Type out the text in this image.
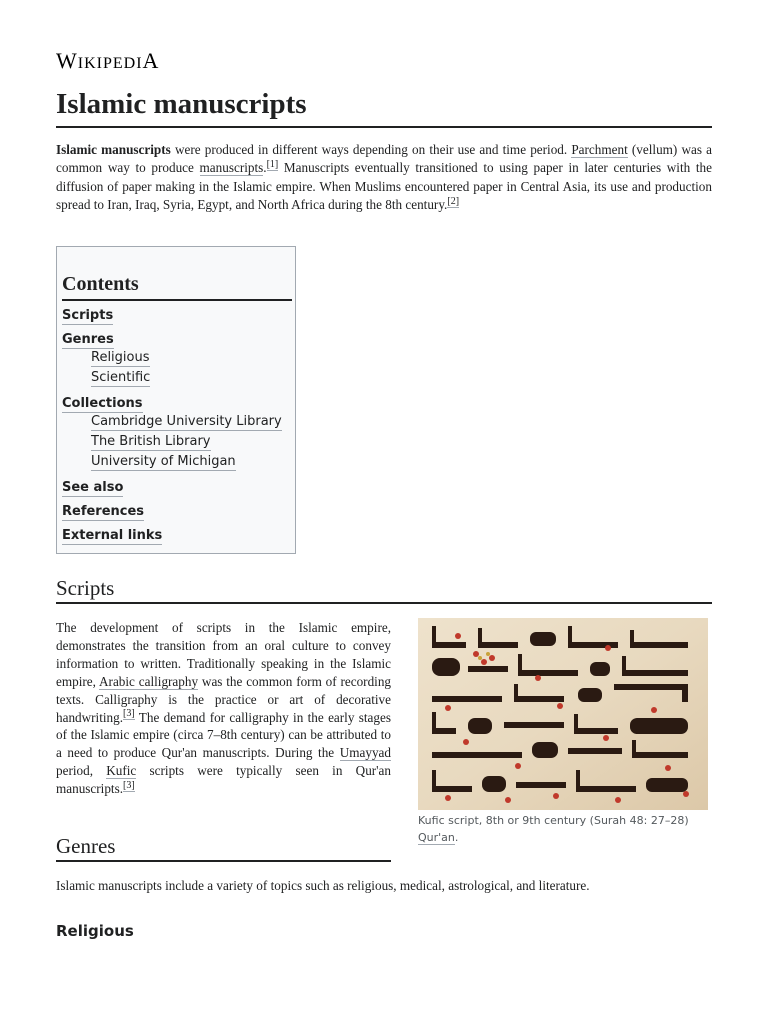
WIKIPEDIA
Islamic manuscripts

Islamic manuscripts were produced in different ways depending on their use and time period. Parchment (vellum) was a common way to produce manuscripts.[1] Manuscripts eventually transitioned to using paper in later centuries with the diffusion of paper making in the Islamic empire. When Muslims encountered paper in Central Asia, its use and production spread to Iran, Iraq, Syria, Egypt, and North Africa during the 8th century.[2]

Contents
Scripts
Genres
Religious
Scientific
Collections
Cambridge University Library
The British Library
University of Michigan
See also
References
External links
Scripts

The development of scripts in the Islamic empire, demonstrates the transition from an oral culture to convey information to written. Traditionally speaking in the Islamic empire, Arabic calligraphy was the common form of recording texts. Calligraphy is the practice or art of decorative handwriting.[3] The demand for calligraphy in the early stages of the Islamic empire (circa 7–8th century) can be attributed to a need to produce Qur'an manuscripts. During the Umayyad period, Kufic scripts were typically seen in Qur'an manuscripts.[3]

Kufic script, 8th or 9th century (Surah 48: 27–28) Qur'an.
Genres

Islamic manuscripts include a variety of topics such as religious, medical, astrological, and literature.

Religious
